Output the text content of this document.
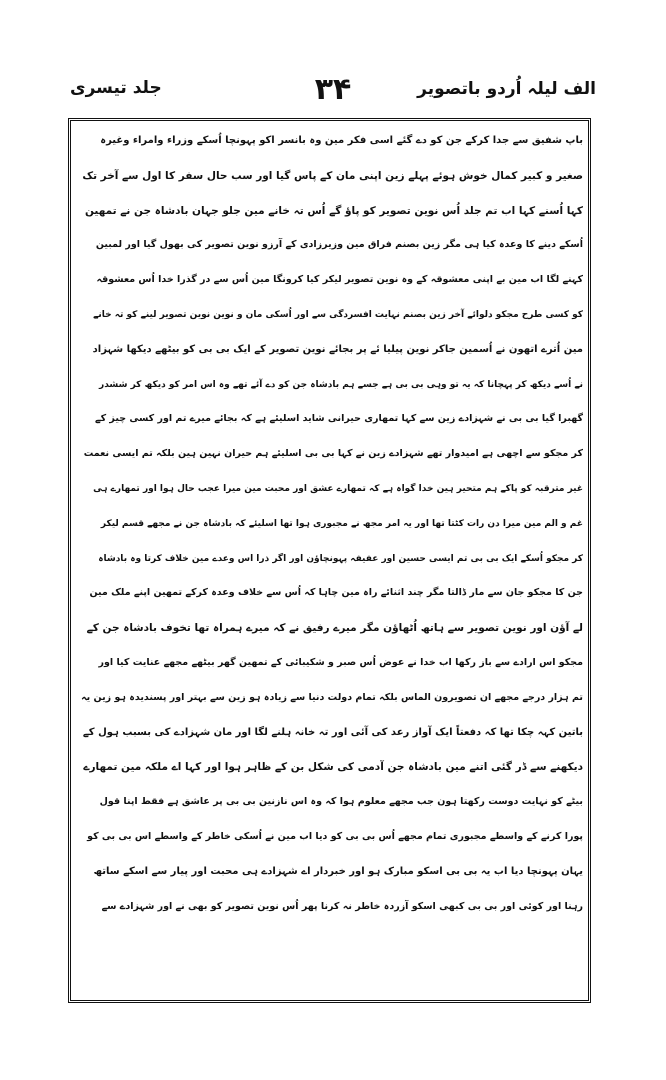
الف لیلہ اُردو باتصویر
۳۴
جلد تیسری
باپ شفیق سے جدا کرکے جن کو دے گئے اسی فکر مین وہ بانسر اکو پہونچا اُسکے وزراء وامراء وغیرہ
صغیر و کبیر کمال خوش ہوئے پہلے زین اپنی مان کے پاس گیا اور سب حال سفر کا اول سے آخر تک
کہا اُسنے کہا اب تم جلد اُس نوین تصویر کو پاؤ گے اُس تہ خانے مین جلو جہان بادشاہ جن نے تمھین
اُسکے دینے کا وعدہ کیا ہی مگر زین بصنم فراق مین وزیرزادی کے آرزو نوین تصویر کی بھول گیا اور لمبین
کہنے لگا اب مین بے اپنی معشوقہ کے وہ نوین تصویر لیکر کیا کرونگا مین اُس سے در گذرا خدا اُس معشوقہ
کو کسی طرح مجکو دلوائے آخر زین بصنم نہایت افسردگی سے اور اُسکی مان و نوین نوین تصویر لینے کو تہ خانے
مین اُترے اتھون نے اُسمین جاکر نوین پیلیا ئے پر بجائے نوین تصویر کے ایک بی بی کو بیٹھے دیکھا شہزاد
نے اُسے دیکھ کر پہچانا کہ یہ تو وہی بی بی ہے جسے ہم بادشاہ جن کو دے آئے تھے وہ اس امر کو دیکھ کر ششدر
گھبرا گیا بی بی نے شہزادے زین سے کہا تمھاری حیرانی شاید اسلیئے ہے کہ بجائے میرے تم اور کسی چیز کے
کر مجکو سے اچھی ہے امیدوار تھے شہزادے زین نے کہا بی بی اسلیئے ہم حیران نہین ہین بلکہ تم ایسی نعمت
غیر مترقبہ کو پاکے ہم متحیر ہین خدا گواہ ہے کہ تمھارے عشق اور محبت مین میرا عجب حال ہوا اور تمھارے ہی
غم و الم مین میرا دن رات کٹتا تھا اور یہ امر مجھ نے مجبوری ہوا تھا اسلیئے کہ بادشاہ جن نے مجھے قسم لیکر
کر مجکو اُسکے ایک بی بی تم ایسی حسین اور عفیفہ پہونچاؤن اور اگر ذرا اس وعدے مین خلاف کرتا وہ بادشاہ
جن کا مجکو جان سے مار ڈالتا مگر چند اثنائے راہ مین چاہا کہ اُس سے خلاف وعدہ کرکے تمھین اپنے ملک مین
لے آؤن اور نوین تصویر سے ہاتھ اُٹھاؤن مگر میرے رفیق نے کہ میرے ہمراہ تھا تخوف بادشاہ جن کے
مجکو اس ارادے سے باز رکھا اب خدا نے عوض اُس صبر و شکیبائی کے تمھین گھر بیٹھے مجھے عنایت کیا اور
تم ہزار درجے مجھے ان تصویرون الماس بلکہ تمام دولت دنیا سے زیادہ ہو زین سے بہتر اور پسندیدہ ہو زین یہ
باتین کہہ چکا تھا کہ دفعتاً ایک آواز رعد کی آئی اور تہ خانہ ہلنے لگا اور مان شہزادے کی بسبب ہول کے
دیکھنے سے ڈر گئی اتنے مین بادشاہ جن آدمی کی شکل بن کے ظاہر ہوا اور کہا اے ملکہ مین تمھارے
بیٹے کو نہایت دوست رکھتا ہون جب مجھے معلوم ہوا کہ وہ اس نازنین بی بی پر عاشق ہے فقط اپنا قول
پورا کرنے کے واسطے مجبوری تمام مجھے اُس بی بی کو دیا اب مین نے اُسکی خاطر کے واسطے اس بی بی کو
یہان پہونچا دیا اب یہ بی بی اسکو مبارک ہو اور خبردار اے شہزادے ہی محبت اور پیار سے اسکے ساتھ
رہنا اور کوئی اور بی بی کبھی اسکو آزردہ خاطر نہ کرنا پھر اُس نوین تصویر کو بھی نے اور شہزادے سے
